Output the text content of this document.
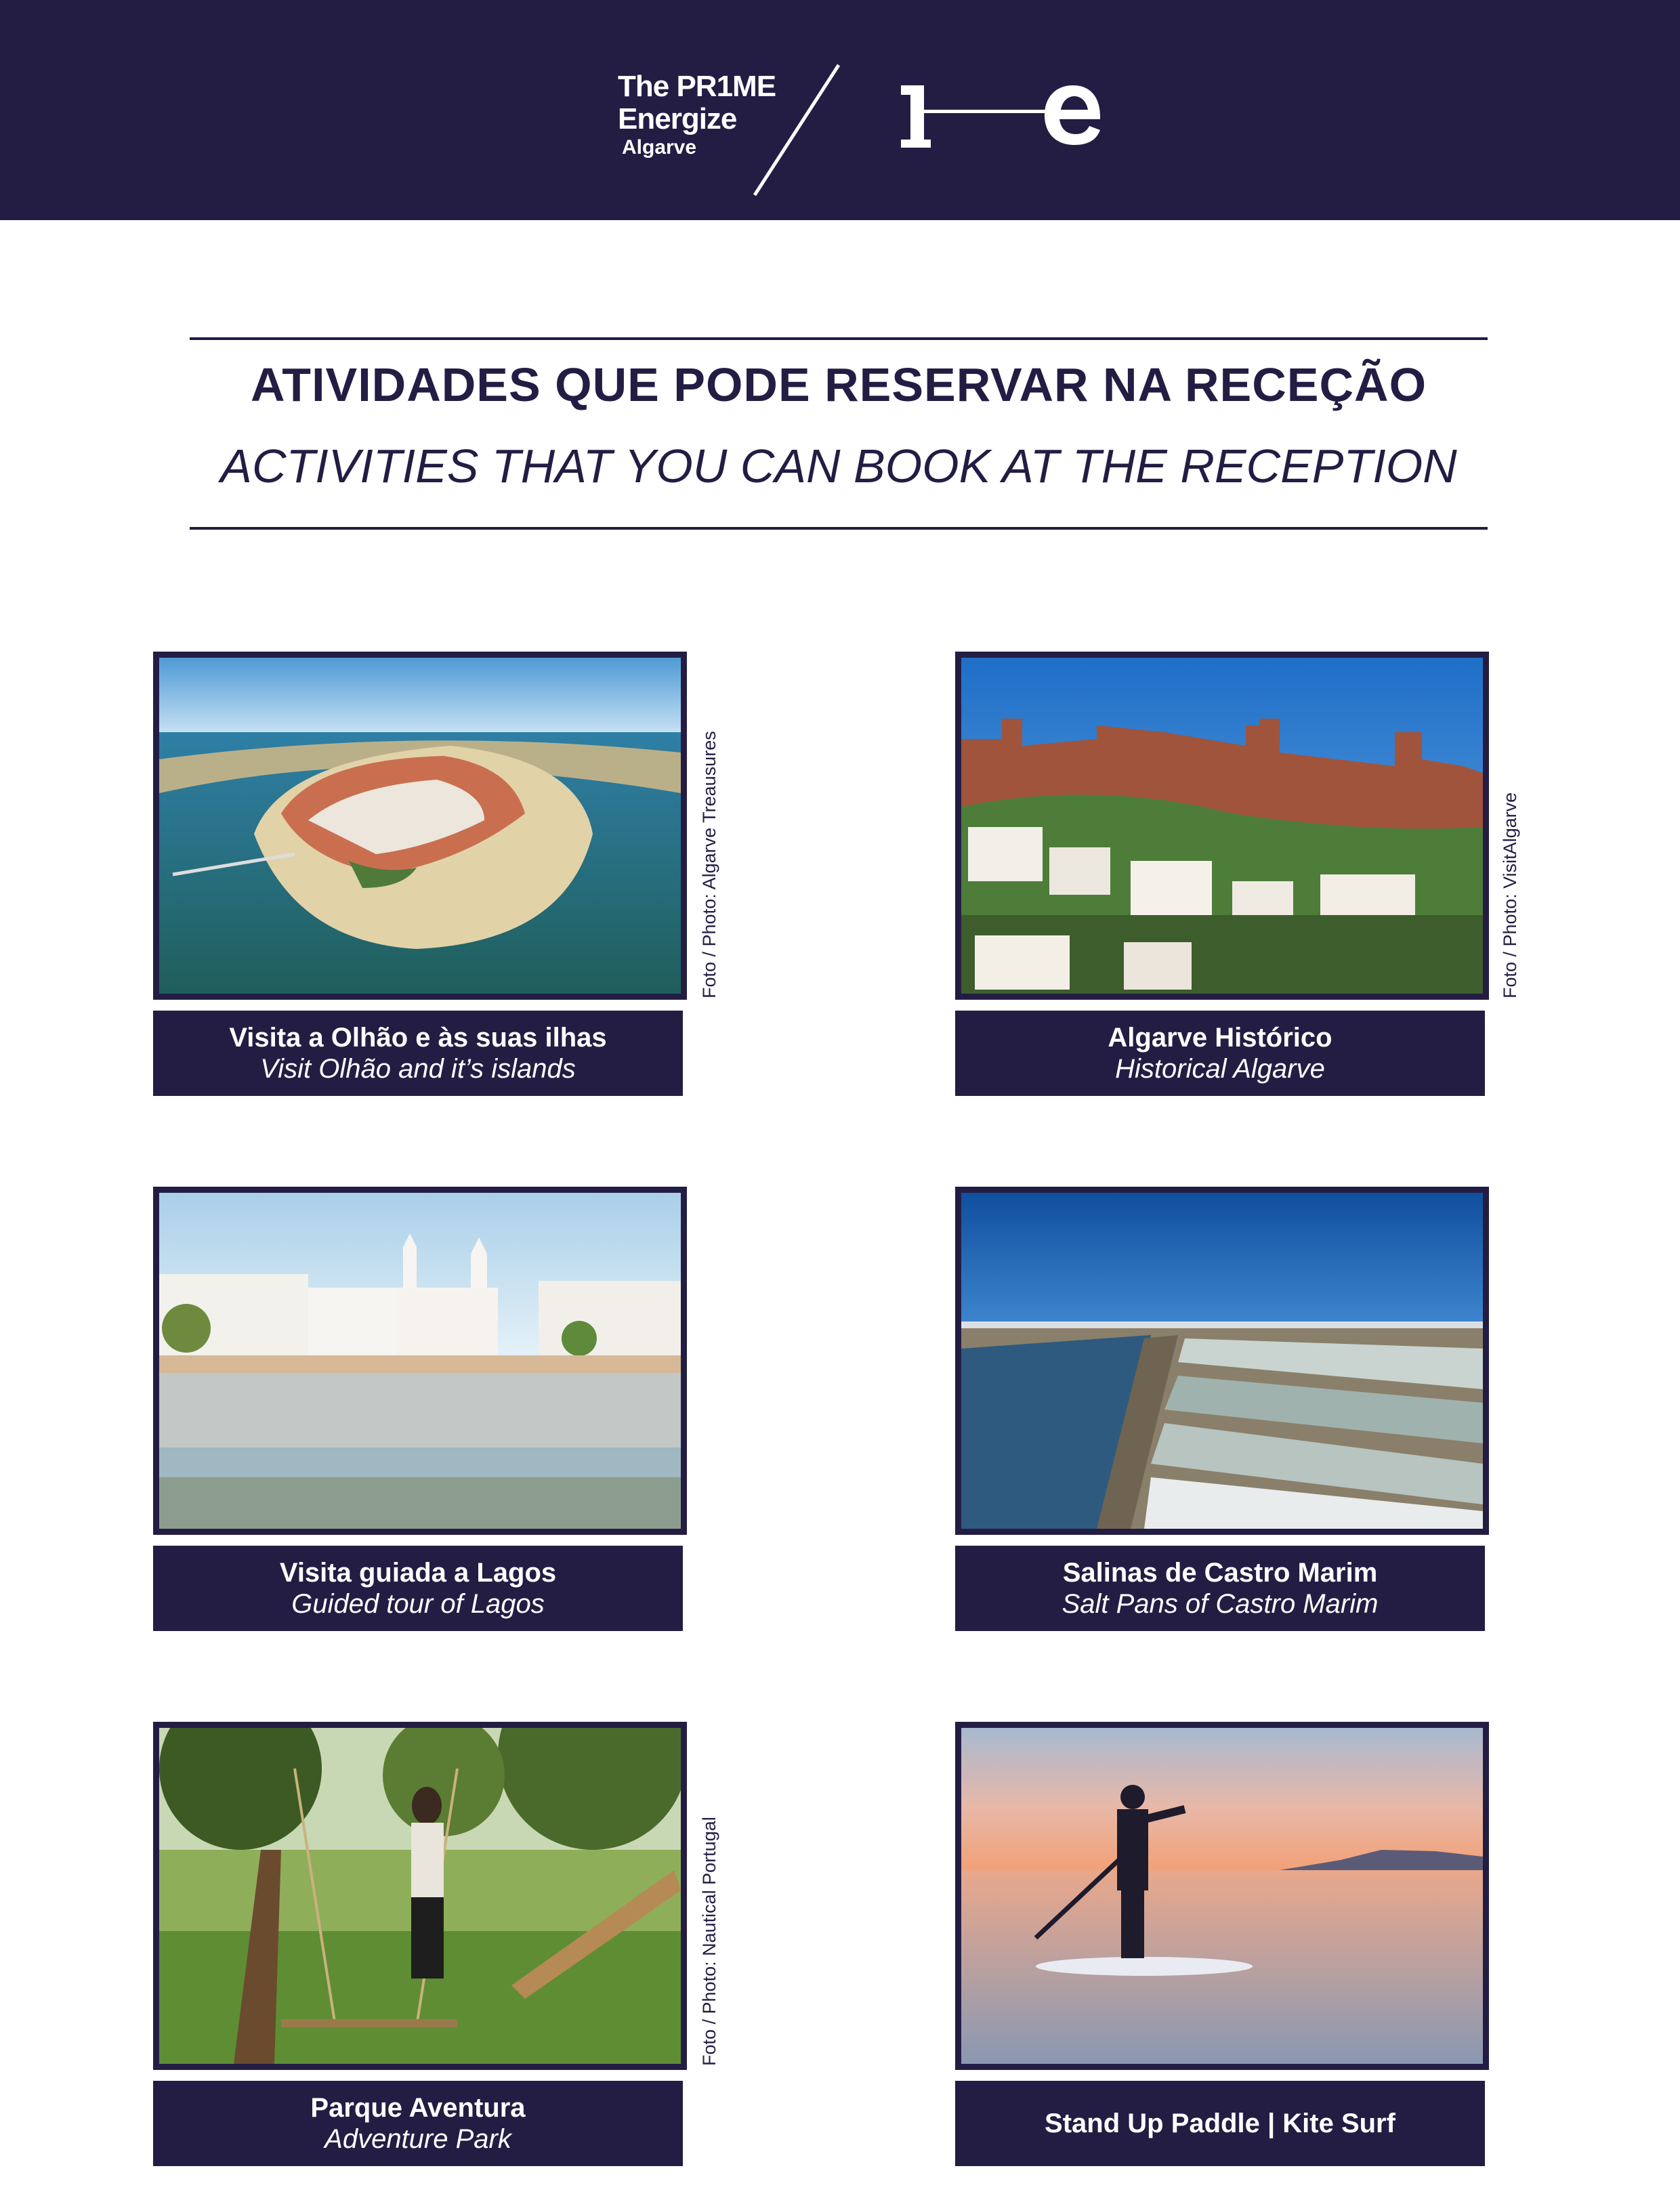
The PR1ME
Energize
Algarve
ATIVIDADES QUE PODE RESERVAR NA RECEÇÃO
ACTIVITIES THAT YOU CAN BOOK AT THE RECEPTION
Foto / Photo: Algarve Treausures
Visita a Olhão e às suas ilhas
Visit Olhão and it’s islands
Foto / Photo: VisitAlgarve
Algarve Histórico
Historical Algarve
Visita guiada a Lagos
Guided tour of Lagos
Salinas de Castro Marim
Salt Pans of Castro Marim
Foto / Photo: Nautical Portugal
Parque Aventura
Adventure Park
Stand Up Paddle | Kite Surf
